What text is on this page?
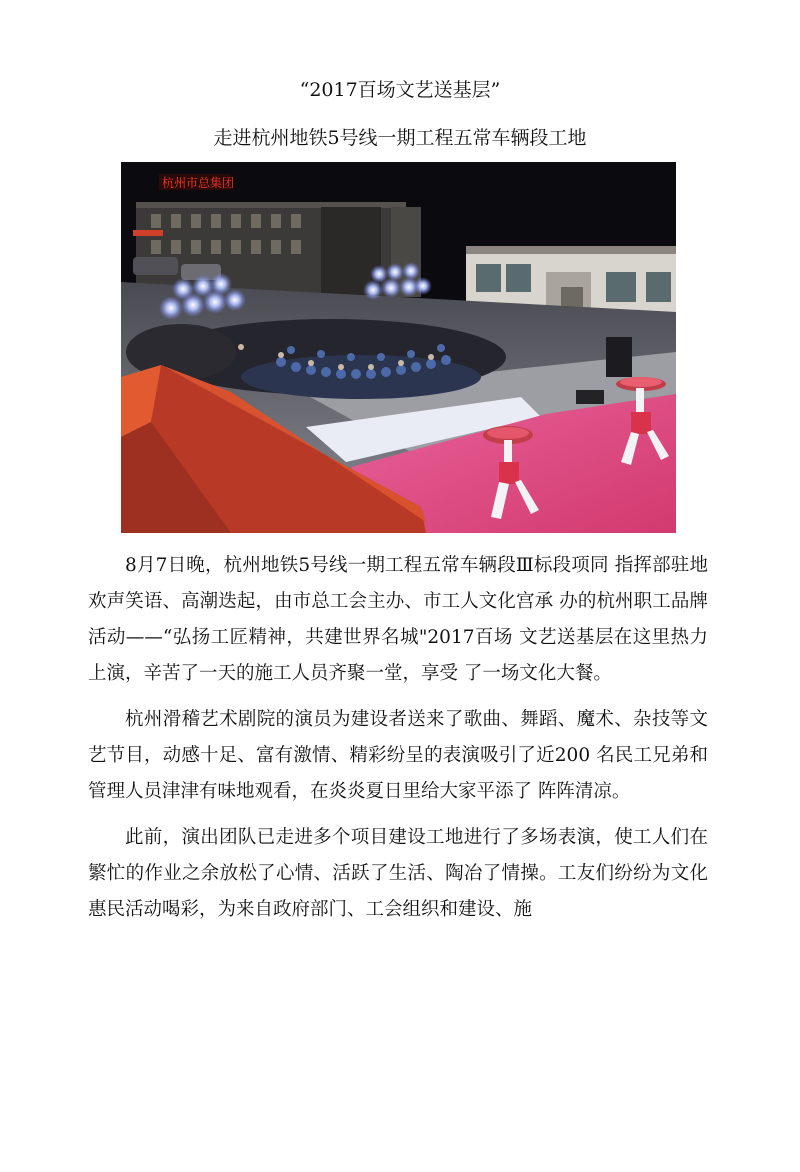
“2017百场文艺送基层”
走进杭州地铁5号线一期工程五常车辆段工地
杭州市总集团

8月7日晚，杭州地铁5号线一期工程五常车辆段Ⅲ标段项同 指挥部驻地欢声笑语、高潮迭起，由市总工会主办、市工人文化宫承 办的杭州职工品牌活动——“弘扬工匠精神，共建世界名城"2017百场 文艺送基层在这里热力上演，辛苦了一天的施工人员齐聚一堂，享受 了一场文化大餐。

杭州滑稽艺术剧院的演员为建设者送来了歌曲、舞蹈、魔术、杂技等文艺节目，动感十足、富有激情、精彩纷呈的表演吸引了近200 名民工兄弟和管理人员津津有味地观看，在炎炎夏日里给大家平添了 阵阵清凉。

此前，演出团队已走进多个项目建设工地进行了多场表演，使工人们在繁忙的作业之余放松了心情、活跃了生活、陶冶了情操。工友们纷纷为文化惠民活动喝彩，为来自政府部门、工会组织和建设、施
